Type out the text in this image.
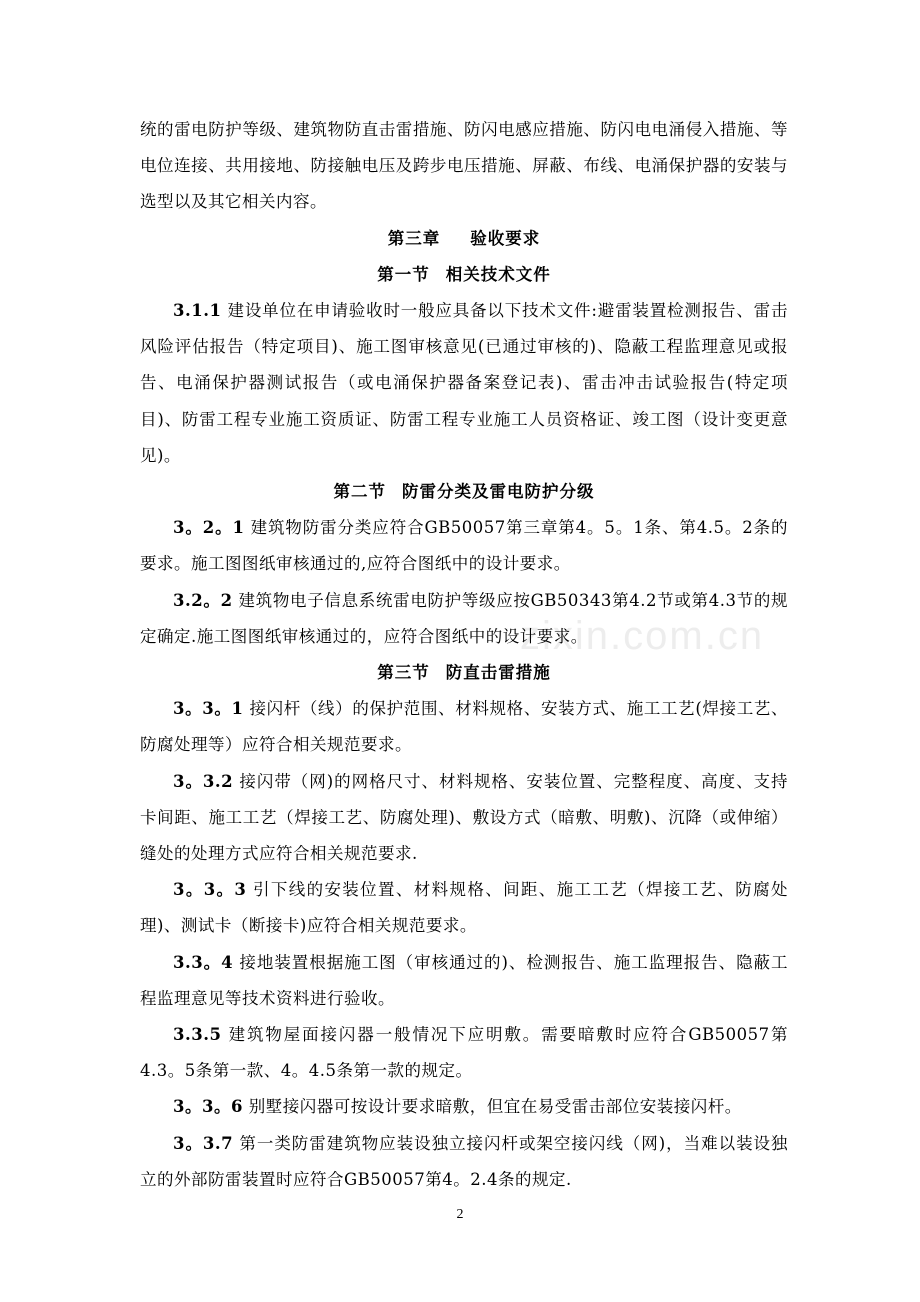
zixin.com.cn

统的雷电防护等级、建筑物防直击雷措施、防闪电感应措施、防闪电电涌侵入措施、等电位连接、共用接地、防接触电压及跨步电压措施、屏蔽、布线、电涌保护器的安装与选型以及其它相关内容。

第三章 验收要求

第一节 相关技术文件

3.1.1 建设单位在申请验收时一般应具备以下技术文件:避雷装置检测报告、雷击风险评估报告（特定项目)、施工图审核意见(已通过审核的)、隐蔽工程监理意见或报告、电涌保护器测试报告（或电涌保护器备案登记表)、雷击冲击试验报告(特定项目)、防雷工程专业施工资质证、防雷工程专业施工人员资格证、竣工图（设计变更意见)。

第二节 防雷分类及雷电防护分级

3。2。1 建筑物防雷分类应符合GB50057第三章第4。5。1条、第4.5。2条的要求。施工图图纸审核通过的,应符合图纸中的设计要求。

3.2。2 建筑物电子信息系统雷电防护等级应按GB50343第4.2节或第4.3节的规定确定.施工图图纸审核通过的，应符合图纸中的设计要求。

第三节 防直击雷措施

3。3。1 接闪杆（线）的保护范围、材料规格、安装方式、施工工艺(焊接工艺、防腐处理等）应符合相关规范要求。

3。3.2 接闪带（网)的网格尺寸、材料规格、安装位置、完整程度、高度、支持卡间距、施工工艺（焊接工艺、防腐处理)、敷设方式（暗敷、明敷)、沉降（或伸缩）缝处的处理方式应符合相关规范要求.

3。3。3 引下线的安装位置、材料规格、间距、施工工艺（焊接工艺、防腐处理)、测试卡（断接卡)应符合相关规范要求。

3.3。4 接地装置根据施工图（审核通过的)、检测报告、施工监理报告、隐蔽工程监理意见等技术资料进行验收。

3.3.5 建筑物屋面接闪器一般情况下应明敷。需要暗敷时应符合GB50057第4.3。5条第一款、4。4.5条第一款的规定。

3。3。6 别墅接闪器可按设计要求暗敷，但宜在易受雷击部位安装接闪杆。

3。3.7 第一类防雷建筑物应装设独立接闪杆或架空接闪线（网)，当难以装设独立的外部防雷装置时应符合GB50057第4。2.4条的规定.

2
